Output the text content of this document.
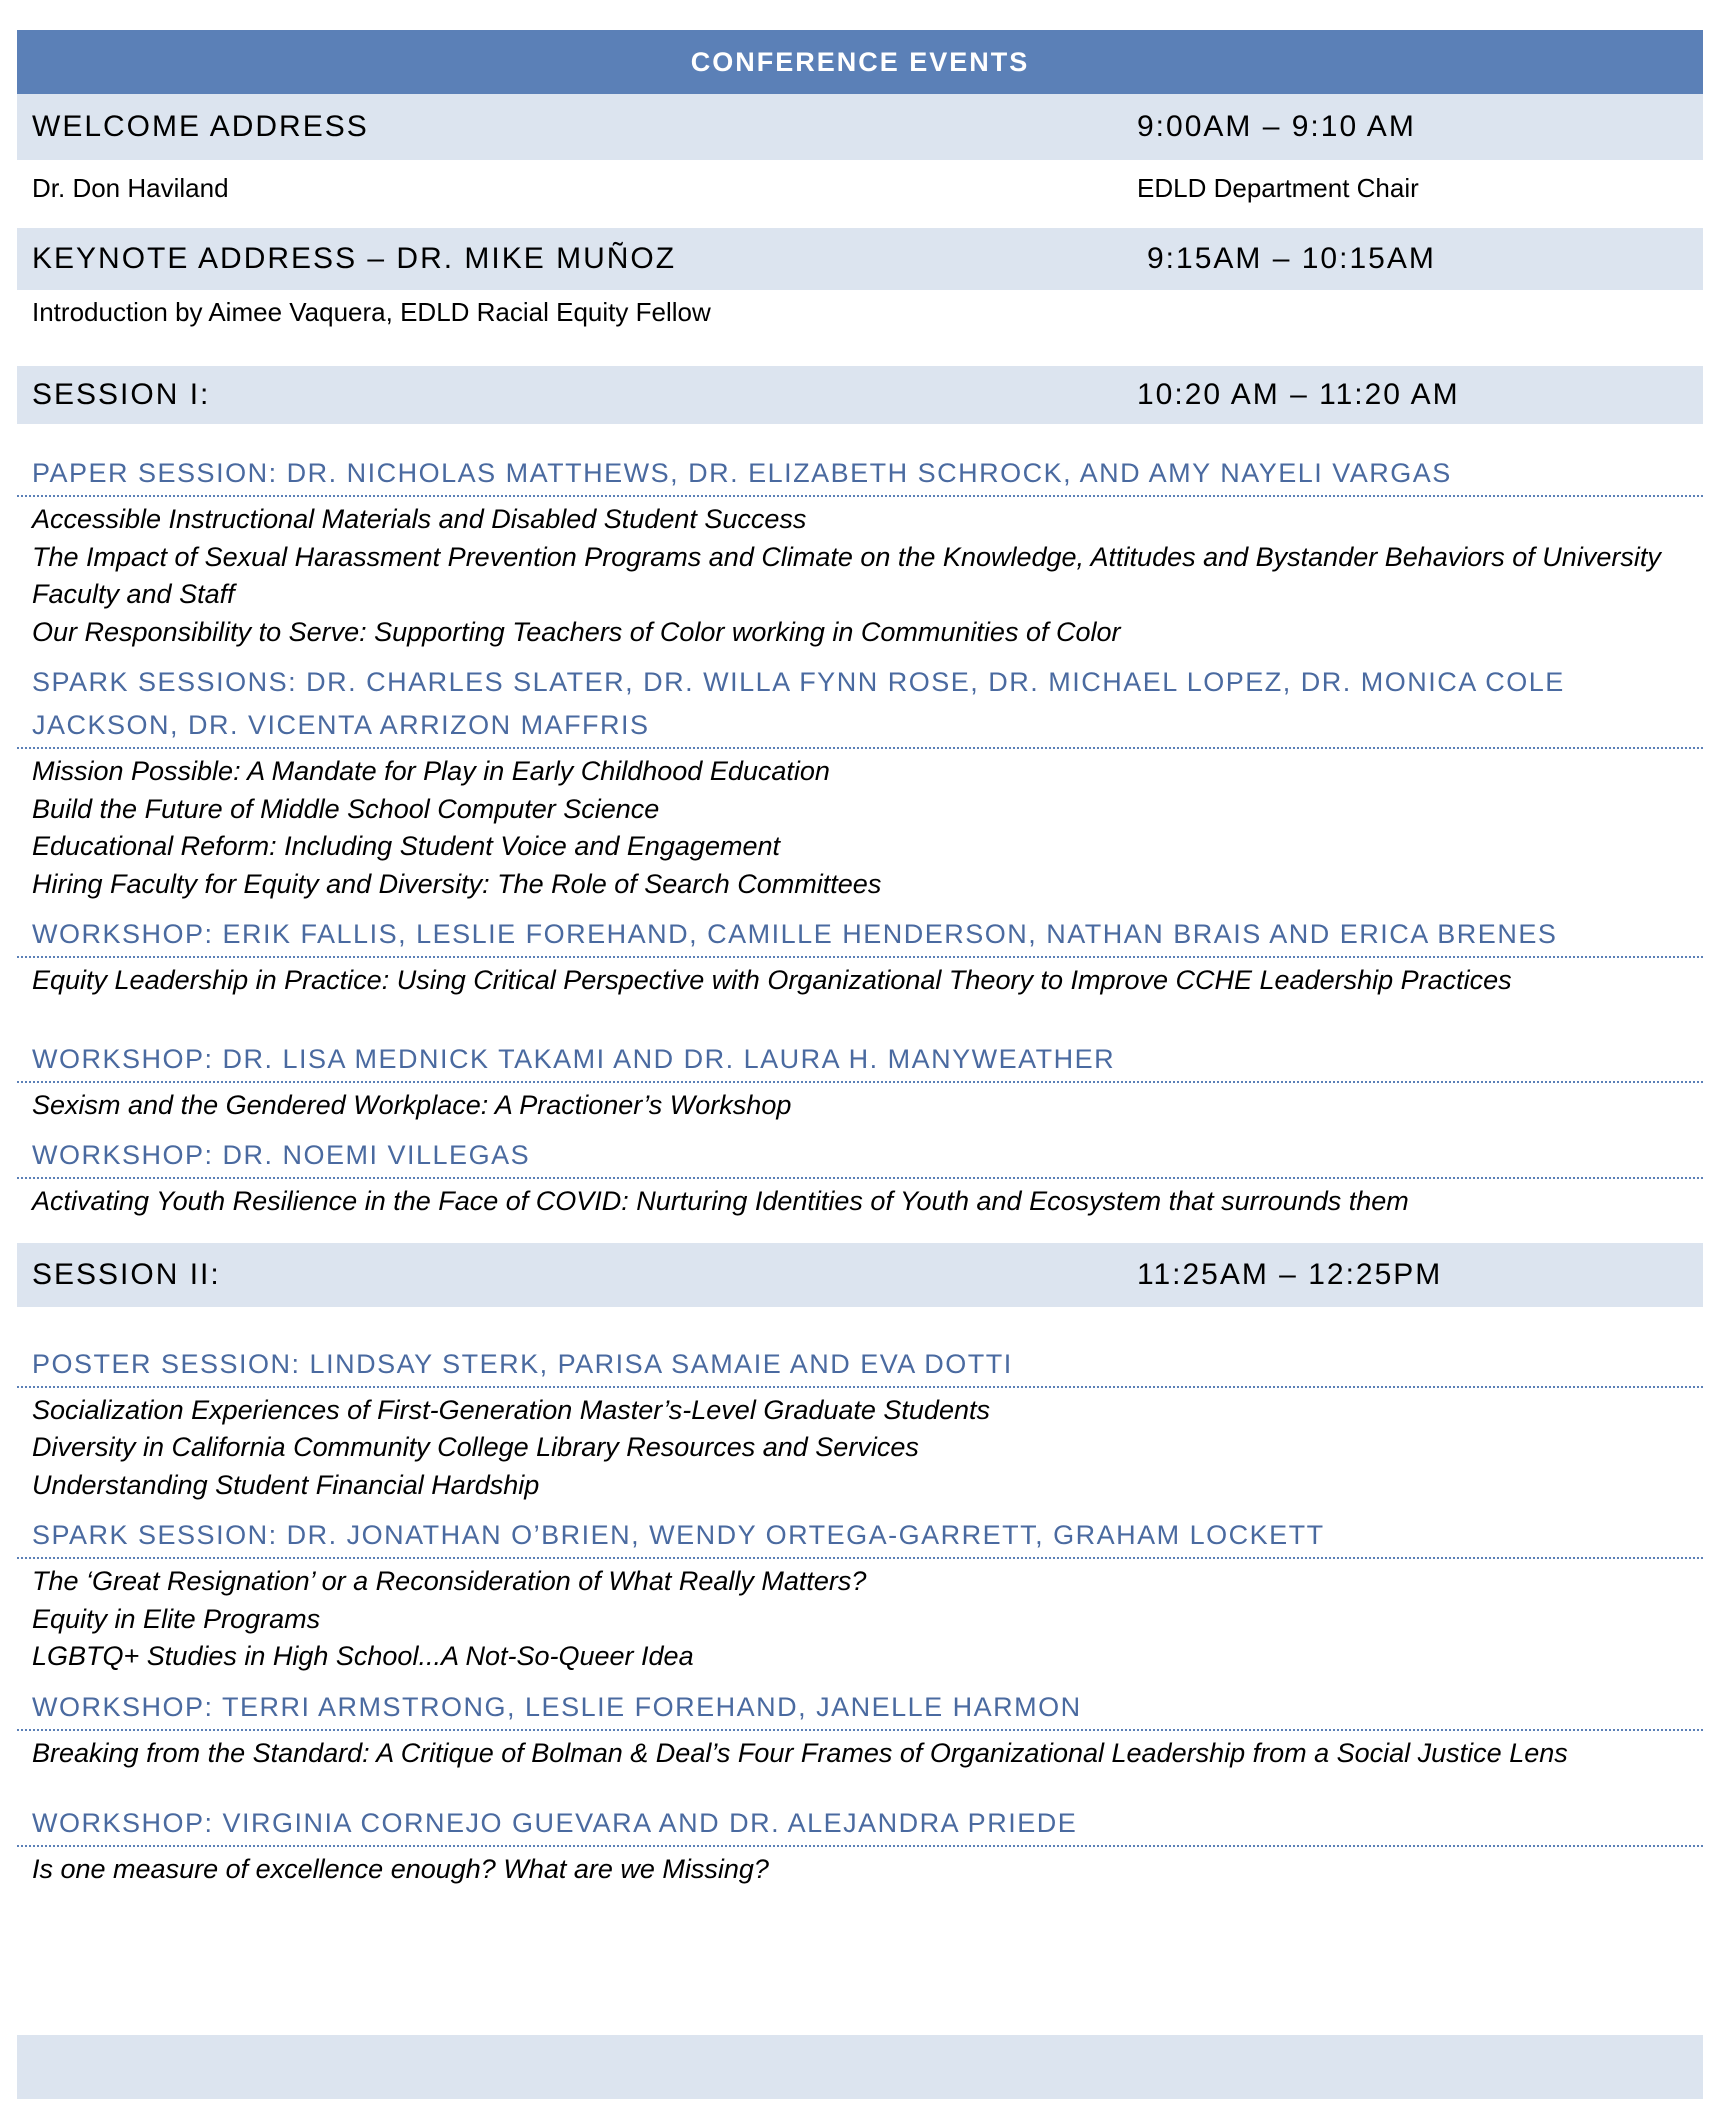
CONFERENCE EVENTS
WELCOME ADDRESS	9:00AM – 9:10 AM
Dr. Don Haviland	EDLD Department Chair
KEYNOTE ADDRESS – DR. MIKE MUÑOZ	9:15AM – 10:15AM
Introduction by Aimee Vaquera, EDLD Racial Equity Fellow
SESSION I:	10:20 AM – 11:20 AM
PAPER SESSION: DR. NICHOLAS MATTHEWS, DR. ELIZABETH SCHROCK, AND AMY NAYELI VARGAS
Accessible Instructional Materials and Disabled Student Success
The Impact of Sexual Harassment Prevention Programs and Climate on the Knowledge, Attitudes and Bystander Behaviors of University Faculty and Staff
Our Responsibility to Serve: Supporting Teachers of Color working in Communities of Color
SPARK SESSIONS: DR. CHARLES SLATER, DR. WILLA FYNN ROSE, DR. MICHAEL LOPEZ, DR. MONICA COLE JACKSON, DR. VICENTA ARRIZON MAFFRIS
Mission Possible: A Mandate for Play in Early Childhood Education
Build the Future of Middle School Computer Science
Educational Reform: Including Student Voice and Engagement
Hiring Faculty for Equity and Diversity: The Role of Search Committees
WORKSHOP: ERIK FALLIS, LESLIE FOREHAND, CAMILLE HENDERSON, NATHAN BRAIS AND ERICA BRENES
Equity Leadership in Practice: Using Critical Perspective with Organizational Theory to Improve CCHE Leadership Practices
WORKSHOP: DR. LISA MEDNICK TAKAMI AND DR. LAURA H. MANYWEATHER
Sexism and the Gendered Workplace: A Practioner’s Workshop
WORKSHOP: DR. NOEMI VILLEGAS
Activating Youth Resilience in the Face of COVID: Nurturing Identities of Youth and Ecosystem that surrounds them
SESSION II:	11:25AM – 12:25PM
POSTER SESSION: LINDSAY STERK, PARISA SAMAIE AND EVA DOTTI
Socialization Experiences of First-Generation Master’s-Level Graduate Students
Diversity in California Community College Library Resources and Services
Understanding Student Financial Hardship
SPARK SESSION: DR. JONATHAN O’BRIEN, WENDY ORTEGA-GARRETT, GRAHAM LOCKETT
The ‘Great Resignation’ or a Reconsideration of What Really Matters?
Equity in Elite Programs
LGBTQ+ Studies in High School...A Not-So-Queer Idea
WORKSHOP: TERRI ARMSTRONG, LESLIE FOREHAND, JANELLE HARMON
Breaking from the Standard: A Critique of Bolman & Deal’s Four Frames of Organizational Leadership from a Social Justice Lens
WORKSHOP: VIRGINIA CORNEJO GUEVARA AND DR. ALEJANDRA PRIEDE
Is one measure of excellence enough? What are we Missing?
